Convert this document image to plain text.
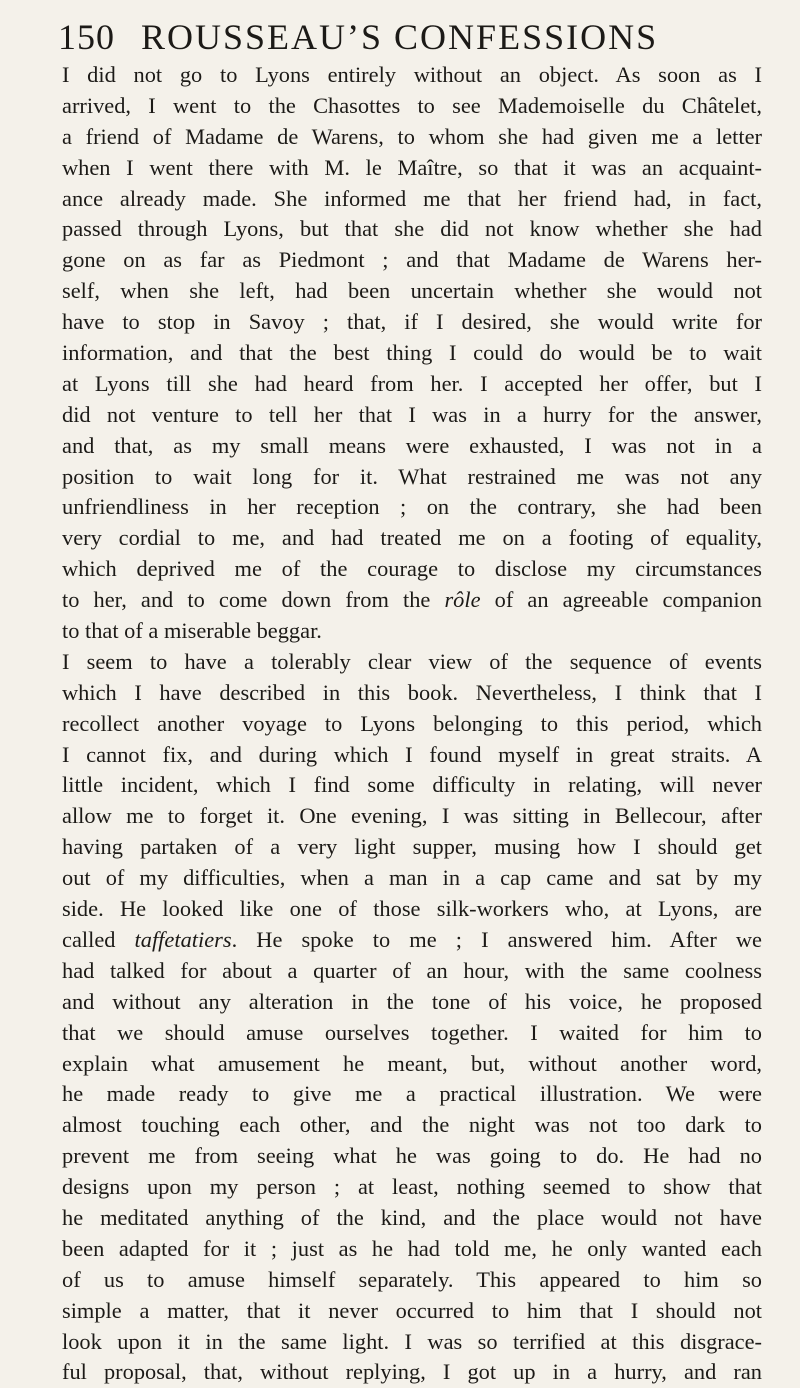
150 ROUSSEAU’S CONFESSIONS
I did not go to Lyons entirely without an object. As soon as I
arrived, I went to the Chasottes to see Mademoiselle du Châtelet,
a friend of Madame de Warens, to whom she had given me a letter
when I went there with M. le Maître, so that it was an acquaint-
ance already made. She informed me that her friend had, in fact,
passed through Lyons, but that she did not know whether she had
gone on as far as Piedmont ; and that Madame de Warens her-
self, when she left, had been uncertain whether she would not
have to stop in Savoy ; that, if I desired, she would write for
information, and that the best thing I could do would be to wait
at Lyons till she had heard from her. I accepted her offer, but I
did not venture to tell her that I was in a hurry for the answer,
and that, as my small means were exhausted, I was not in a
position to wait long for it. What restrained me was not any
unfriendliness in her reception ; on the contrary, she had been
very cordial to me, and had treated me on a footing of equality,
which deprived me of the courage to disclose my circumstances
to her, and to come down from the rôle of an agreeable companion
to that of a miserable beggar.
I seem to have a tolerably clear view of the sequence of events
which I have described in this book. Nevertheless, I think that I
recollect another voyage to Lyons belonging to this period, which
I cannot fix, and during which I found myself in great straits. A
little incident, which I find some difficulty in relating, will never
allow me to forget it. One evening, I was sitting in Bellecour, after
having partaken of a very light supper, musing how I should get
out of my difficulties, when a man in a cap came and sat by my
side. He looked like one of those silk-workers who, at Lyons, are
called taffetatiers. He spoke to me ; I answered him. After we
had talked for about a quarter of an hour, with the same coolness
and without any alteration in the tone of his voice, he proposed
that we should amuse ourselves together. I waited for him to
explain what amusement he meant, but, without another word,
he made ready to give me a practical illustration. We were
almost touching each other, and the night was not too dark to
prevent me from seeing what he was going to do. He had no
designs upon my person ; at least, nothing seemed to show that
he meditated anything of the kind, and the place would not have
been adapted for it ; just as he had told me, he only wanted each
of us to amuse himself separately. This appeared to him so
simple a matter, that it never occurred to him that I should not
look upon it in the same light. I was so terrified at this disgrace-
ful proposal, that, without replying, I got up in a hurry, and ran
